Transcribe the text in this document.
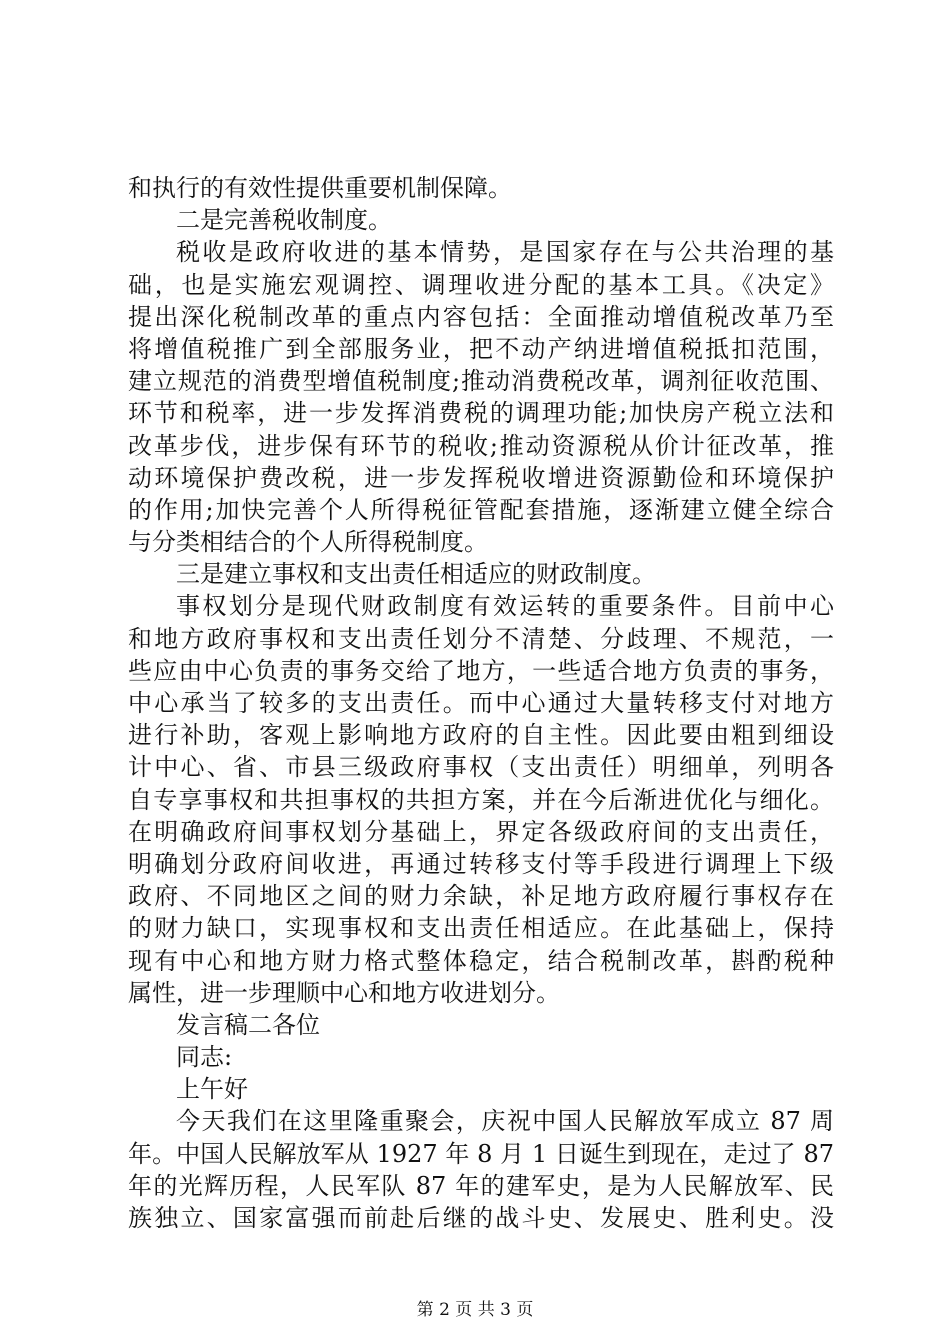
和执行的有效性提供重要机制保障。
二是完善税收制度。
税收是政府收进的基本情势，是国家存在与公共治理的基
础，也是实施宏观调控、调理收进分配的基本工具。《决定》
提出深化税制改革的重点内容包括：全面推动增值税改革乃至
将增值税推广到全部服务业，把不动产纳进增值税抵扣范围，
建立规范的消费型增值税制度;推动消费税改革，调剂征收范围、
环节和税率，进一步发挥消费税的调理功能;加快房产税立法和
改革步伐，进步保有环节的税收;推动资源税从价计征改革，推
动环境保护费改税，进一步发挥税收增进资源勤俭和环境保护
的作用;加快完善个人所得税征管配套措施，逐渐建立健全综合
与分类相结合的个人所得税制度。
三是建立事权和支出责任相适应的财政制度。
事权划分是现代财政制度有效运转的重要条件。目前中心
和地方政府事权和支出责任划分不清楚、分歧理、不规范，一
些应由中心负责的事务交给了地方，一些适合地方负责的事务，
中心承当了较多的支出责任。而中心通过大量转移支付对地方
进行补助，客观上影响地方政府的自主性。因此要由粗到细设
计中心、省、市县三级政府事权（支出责任）明细单，列明各
自专享事权和共担事权的共担方案，并在今后渐进优化与细化。
在明确政府间事权划分基础上，界定各级政府间的支出责任，
明确划分政府间收进，再通过转移支付等手段进行调理上下级
政府、不同地区之间的财力余缺，补足地方政府履行事权存在
的财力缺口，实现事权和支出责任相适应。在此基础上，保持
现有中心和地方财力格式整体稳定，结合税制改革，斟酌税种
属性，进一步理顺中心和地方收进划分。
发言稿二各位
同志:
上午好
今天我们在这里隆重聚会，庆祝中国人民解放军成立 87 周
年。中国人民解放军从 1927 年 8 月 1 日诞生到现在，走过了 87
年的光辉历程，人民军队 87 年的建军史，是为人民解放军、民
族独立、国家富强而前赴后继的战斗史、发展史、胜利史。没
第 2 页 共 3 页
